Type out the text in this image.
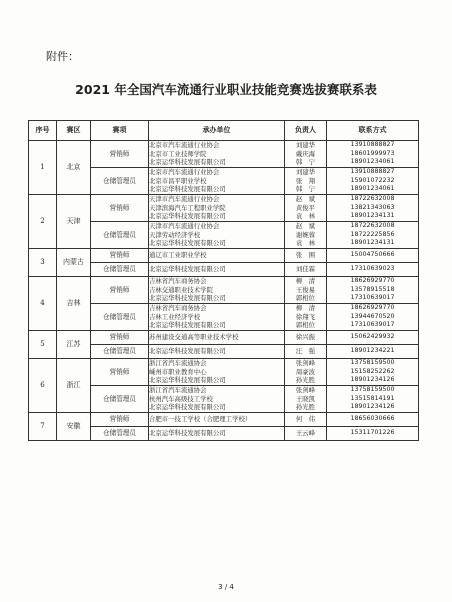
附件：
2021 年全国汽车流通行业职业技能竞赛选拔赛联系表
序号	赛区	赛项	承办单位	负责人	联系方式
1	北京	营销师	北京市汽车流通行业协会
北京市工业技师学院
北京运华科技发展有限公司	刘建华
戴庆海
韩　宁	13910888827
18601999973
18901234061

		仓储管理员	北京市汽车流通行业协会
北京市昌平职业学校
北京运华科技发展有限公司	刘建华
张　翔
韩　宁	13910888827
15901072232
18901234061

2	天津	营销师	天津市汽车流通行业协会
天津滨海汽车工程职业学院
北京运华科技发展有限公司	赵　斌
黄俊平
袁　林	18722632008
13821343063
18901234131

		仓储管理员	天津市汽车流通行业协会
天津劳动经济学校
北京运华科技发展有限公司	赵　斌
谢婉蓉
袁　林	18722632008
18722225856
18901234131

3	内蒙古	营销师	通辽市工业职业学校	张　围	15004750666

		仓储管理员	北京运华科技发展有限公司	刘佳霖	17310639023

4	吉林	营销师	吉林省汽车商务协会
吉林交通职业技术学院
北京运华科技发展有限公司	柳　清
王俊易
郭相位	18626929770
13578915518
17310639017

		仓储管理员	吉林省汽车商务协会
吉林工业经济学校
北京运华科技发展有限公司	柳　清
徐翔飞
郭相位	18626929770
13944670520
17310639017

5	江苏	营销师	苏州建设交通高等职业技术学校	徐兴振	15062429932

		仓储管理员	北京运华科技发展有限公司	汪　强	18901234221

6	浙江	营销师	浙江省汽车流通协会
嵊州市职业教育中心
北京运华科技发展有限公司	张剑峰
周豪波
孙光胜	13758159500
15158252262
18901234126

		仓储管理员	浙江省汽车流通协会
杭州汽车高级技工学校
北京运华科技发展有限公司	张剑峰
王晓凯
孙光胜	13758159500
13515814191
18901234126

7	安徽	营销师	合肥市一技工学校（合肥理工学校）	何　伟	18656030666

		仓储管理员	北京运华科技发展有限公司	王云峰	15311701226
3 / 4
